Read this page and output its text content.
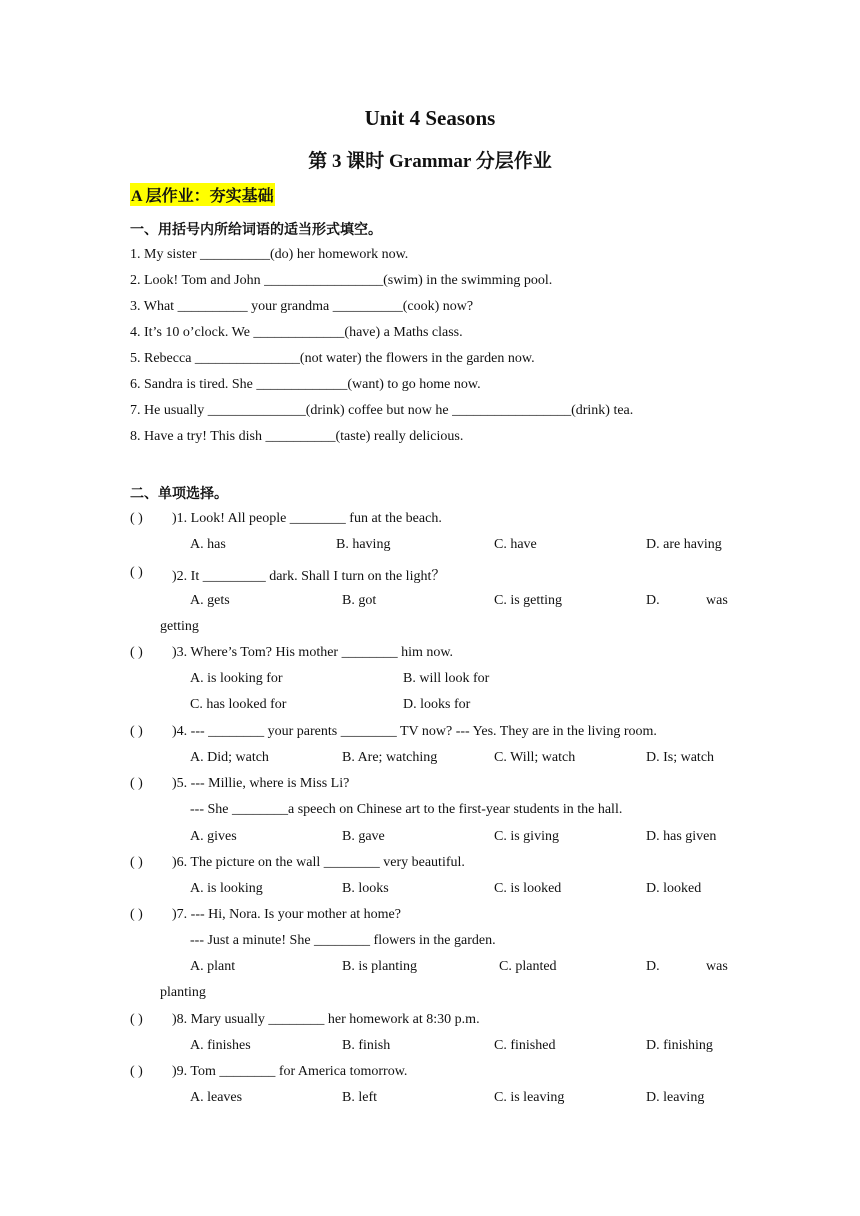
Unit 4 Seasons
第 3 课时 Grammar 分层作业
A 层作业：夯实基础
一、用括号内所给词语的适当形式填空。
1. My sister __________(do) her homework now.
2. Look! Tom and John _________________(swim) in the swimming pool.
3. What __________ your grandma __________(cook) now?
4. It’s 10 o’clock. We _____________(have) a Maths class.
5. Rebecca _______________(not water) the flowers in the garden now.
6. Sandra is tired. She _____________(want) to go home now.
7. He usually ______________(drink) coffee but now he _________________(drink) tea.
8. Have a try! This dish __________(taste) really delicious.
二、单项选择。
( ) )1. Look! All people ________ fun at the beach.
A. has	B. having	C. have	D. are having
( ) )2. It _________ dark. Shall I turn on the light？
A. gets	B. got	C. is getting	D.	was
getting
( ) )3. Where’s Tom? His mother ________ him now.
A. is looking for	B. will look for
C. has looked for	D. looks for
( ) )4. --- ________ your parents ________ TV now? --- Yes. They are in the living room.
A. Did; watch	B. Are; watching	C. Will; watch	D. Is; watch
( ) )5. --- Millie, where is Miss Li?
--- She ________a speech on Chinese art to the first-year students in the hall.
A. gives	B. gave	C. is giving	D. has given
( ) )6. The picture on the wall ________ very beautiful.
A. is looking	B. looks	C. is looked	D. looked
( ) )7. --- Hi, Nora. Is your mother at home?
--- Just a minute! She ________ flowers in the garden.
A. plant	B. is planting	C. planted	D.	was
planting
( ) )8. Mary usually ________ her homework at 8:30 p.m.
A. finishes	B. finish	C. finished	D. finishing
( ) )9. Tom ________ for America tomorrow.
A. leaves	B. left	C. is leaving	D. leaving
